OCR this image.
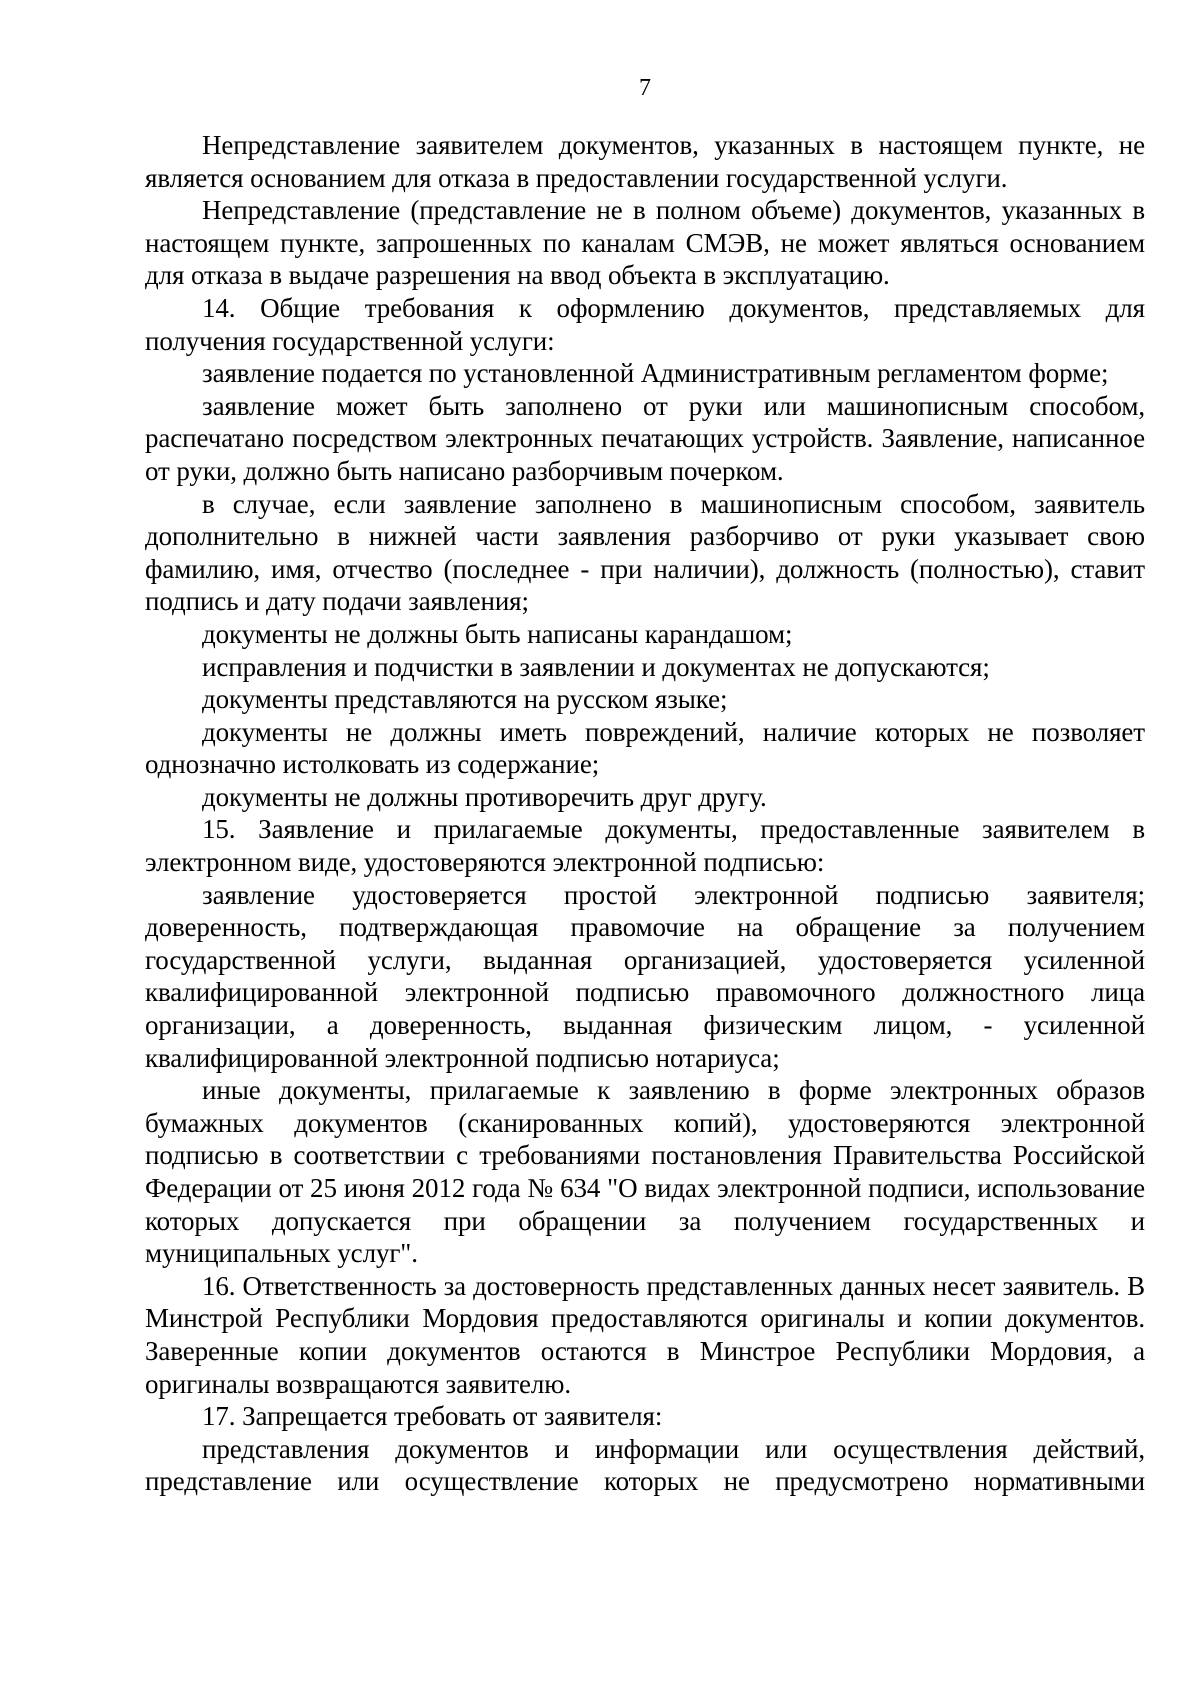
7

Непредставление заявителем документов, указанных в настоящем пункте, не является основанием для отказа в предоставлении государственной услуги.

Непредставление (представление не в полном объеме) документов, указанных в настоящем пункте, запрошенных по каналам СМЭВ, не может являться основанием для отказа в выдаче разрешения на ввод объекта в эксплуатацию.

14. Общие требования к оформлению документов, представляемых для получения государственной услуги:

заявление подается по установленной Административным регламентом форме;

заявление может быть заполнено от руки или машинописным способом, распечатано посредством электронных печатающих устройств. Заявление, написанное от руки, должно быть написано разборчивым почерком.

в случае, если заявление заполнено в машинописным способом, заявитель дополнительно в нижней части заявления разборчиво от руки указывает свою фамилию, имя, отчество (последнее - при наличии), должность (полностью), ставит подпись и дату подачи заявления;

документы не должны быть написаны карандашом;

исправления и подчистки в заявлении и документах не допускаются;

документы представляются на русском языке;

документы не должны иметь повреждений, наличие которых не позволяет однозначно истолковать из содержание;

документы не должны противоречить друг другу.

15. Заявление и прилагаемые документы, предоставленные заявителем в электронном виде, удостоверяются электронной подписью:

заявление удостоверяется простой электронной подписью заявителя; доверенность, подтверждающая правомочие на обращение за получением государственной услуги, выданная организацией, удостоверяется усиленной квалифицированной электронной подписью правомочного должностного лица организации, а доверенность, выданная физическим лицом, - усиленной квалифицированной электронной подписью нотариуса;

иные документы, прилагаемые к заявлению в форме электронных образов бумажных документов (сканированных копий), удостоверяются электронной подписью в соответствии с требованиями постановления Правительства Российской Федерации от 25 июня 2012 года № 634 "О видах электронной подписи, использование которых допускается при обращении за получением государственных и муниципальных услуг".

16. Ответственность за достоверность представленных данных несет заявитель. В Минстрой Республики Мордовия предоставляются оригиналы и копии документов. Заверенные копии документов остаются в Минстрое Республики Мордовия, а оригиналы возвращаются заявителю.

17. Запрещается требовать от заявителя:

представления документов и информации или осуществления действий, представление или осуществление которых не предусмотрено нормативными
